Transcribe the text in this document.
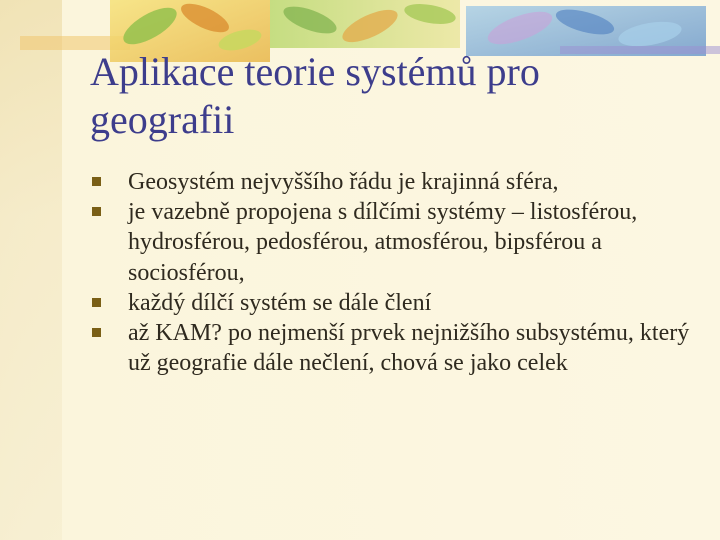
Aplikace teorie systémů pro geografii
Geosystém nejvyššího řádu je krajinná sféra,
je vazebně propojena s dílčími systémy – listosférou, hydrosférou, pedosférou, atmosférou, bipsférou a sociosférou,
každý dílčí systém se dále člení
až KAM? po nejmenší prvek nejnižšího subsystému, který už geografie dále nečlení, chová se jako celek
